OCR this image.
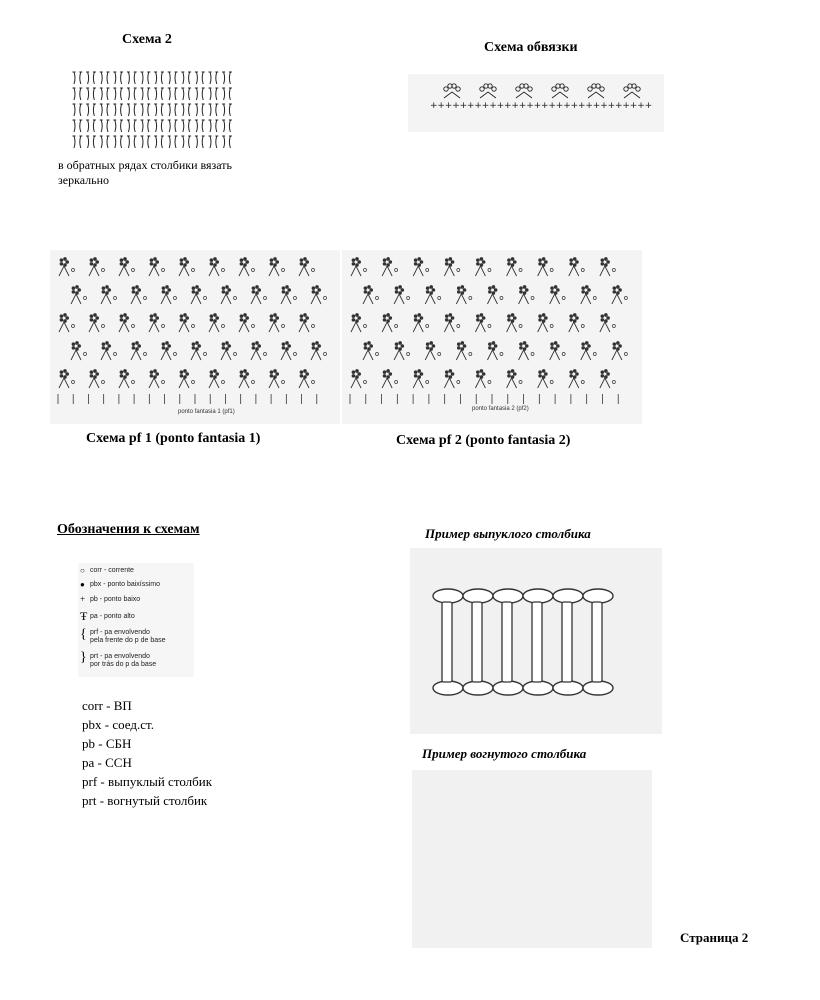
Схема 2
в обратных рядах столбики вязать
зеркально
Схема обвязки
+ + + + + + + + + + + + + + + + + + + + + + + + + + + + + +
ponto fantasia 1 (pf1)	ponto fantasia 2 (pf2)
Схема pf 1 (ponto fantasia 1)	Схема pf 2 (ponto fantasia 2)
Обозначения к схемам
○ corr - corrente
● pbx - ponto baixíssimo
+ pb - ponto baixo
Ŧ pa - ponto alto
{ prf - pa envolvendo
pela frente do p de base
} prt - pa envolvendo
por trás do p da base
corr - ВП
pbx - соед.ст.
pb - СБН
pa - ССН
prf - выпуклый столбик
prt - вогнутый столбик
Пример выпуклого столбика
Пример вогнутого столбика
Страница 2
